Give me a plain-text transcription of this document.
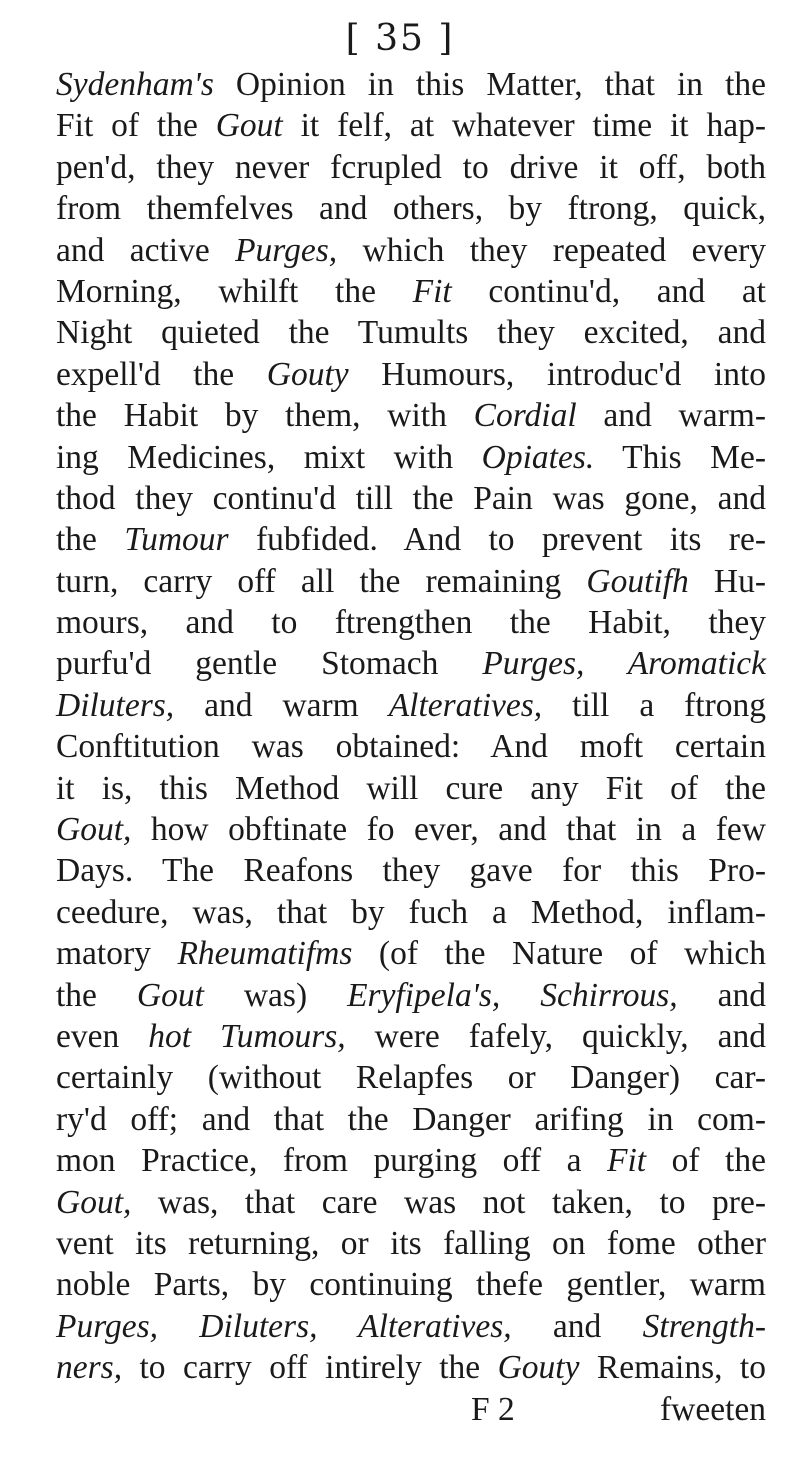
[ 35 ]
Sydenham's Opinion in this Matter, that in the
Fit of the Gout it felf, at whatever time it hap-
pen'd, they never fcrupled to drive it off, both
from themfelves and others, by ftrong, quick,
and active Purges, which they repeated every
Morning, whilft the Fit continu'd, and at
Night quieted the Tumults they excited, and
expell'd the Gouty Humours, introduc'd into
the Habit by them, with Cordial and warm-
ing Medicines, mixt with Opiates. This Me-
thod they continu'd till the Pain was gone, and
the Tumour fubfided. And to prevent its re-
turn, carry off all the remaining Goutifh Hu-
mours, and to ftrengthen the Habit, they
purfu'd gentle Stomach Purges, Aromatick
Diluters, and warm Alteratives, till a ftrong
Conftitution was obtained: And moft certain
it is, this Method will cure any Fit of the
Gout, how obftinate fo ever, and that in a few
Days. The Reafons they gave for this Pro-
ceedure, was, that by fuch a Method, inflam-
matory Rheumatifms (of the Nature of which
the Gout was) Eryfipela's, Schirrous, and
even hot Tumours, were fafely, quickly, and
certainly (without Relapfes or Danger) car-
ry'd off; and that the Danger arifing in com-
mon Practice, from purging off a Fit of the
Gout, was, that care was not taken, to pre-
vent its returning, or its falling on fome other
noble Parts, by continuing thefe gentler, warm
Purges, Diluters, Alteratives, and Strength-
ners, to carry off intirely the Gouty Remains, to
F 2	fweeten
